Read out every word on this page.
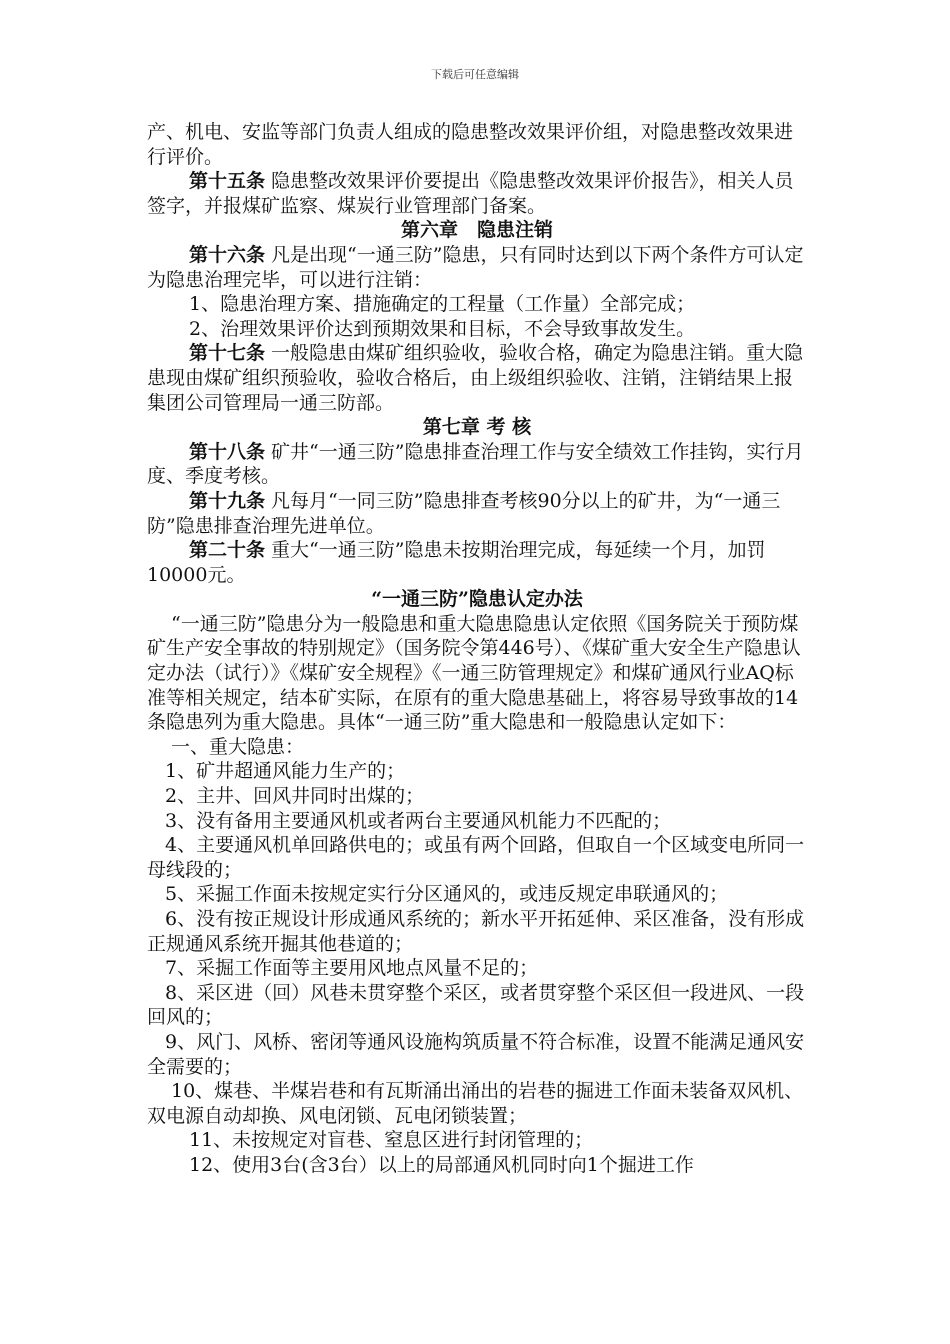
下载后可任意编辑

产、机电、安监等部门负责人组成的隐患整改效果评价组，对隐患整改效果进行评价。

第十五条 隐患整改效果评价要提出《隐患整改效果评价报告》，相关人员签字，并报煤矿监察、煤炭行业管理部门备案。

第六章　隐患注销

第十六条 凡是出现“一通三防”隐患，只有同时达到以下两个条件方可认定为隐患治理完毕，可以进行注销：

1、隐患治理方案、措施确定的工程量（工作量）全部完成；

2、治理效果评价达到预期效果和目标，不会导致事故发生。

第十七条 一般隐患由煤矿组织验收，验收合格，确定为隐患注销。重大隐患现由煤矿组织预验收，验收合格后，由上级组织验收、注销，注销结果上报集团公司管理局一通三防部。

第七章 考 核

第十八条 矿井“一通三防”隐患排查治理工作与安全绩效工作挂钩，实行月度、季度考核。

第十九条 凡每月“一同三防”隐患排查考核90分以上的矿井，为“一通三防”隐患排查治理先进单位。

第二十条 重大“一通三防”隐患未按期治理完成，每延续一个月，加罚10000元。

“一通三防”隐患认定办法

“一通三防”隐患分为一般隐患和重大隐患隐患认定依照《国务院关于预防煤矿生产安全事故的特别规定》（国务院令第446号）、《煤矿重大安全生产隐患认定办法（试行）》《煤矿安全规程》《一通三防管理规定》和煤矿通风行业AQ标准等相关规定，结本矿实际，在原有的重大隐患基础上，将容易导致事故的14条隐患列为重大隐患。具体“一通三防”重大隐患和一般隐患认定如下：

一、重大隐患：

1、矿井超通风能力生产的；

2、主井、回风井同时出煤的；

3、没有备用主要通风机或者两台主要通风机能力不匹配的；

4、主要通风机单回路供电的；或虽有两个回路，但取自一个区域变电所同一母线段的；

5、采掘工作面未按规定实行分区通风的，或违反规定串联通风的；

6、没有按正规设计形成通风系统的；新水平开拓延伸、采区准备，没有形成正规通风系统开掘其他巷道的；

7、采掘工作面等主要用风地点风量不足的；

8、采区进（回）风巷未贯穿整个采区，或者贯穿整个采区但一段进风、一段回风的；

9、风门、风桥、密闭等通风设施构筑质量不符合标准，设置不能满足通风安全需要的；

10、煤巷、半煤岩巷和有瓦斯涌出涌出的岩巷的掘进工作面未装备双风机、双电源自动却换、风电闭锁、瓦电闭锁装置；

11、未按规定对盲巷、窒息区进行封闭管理的；

12、使用3台(含3台）以上的局部通风机同时向1个掘进工作
